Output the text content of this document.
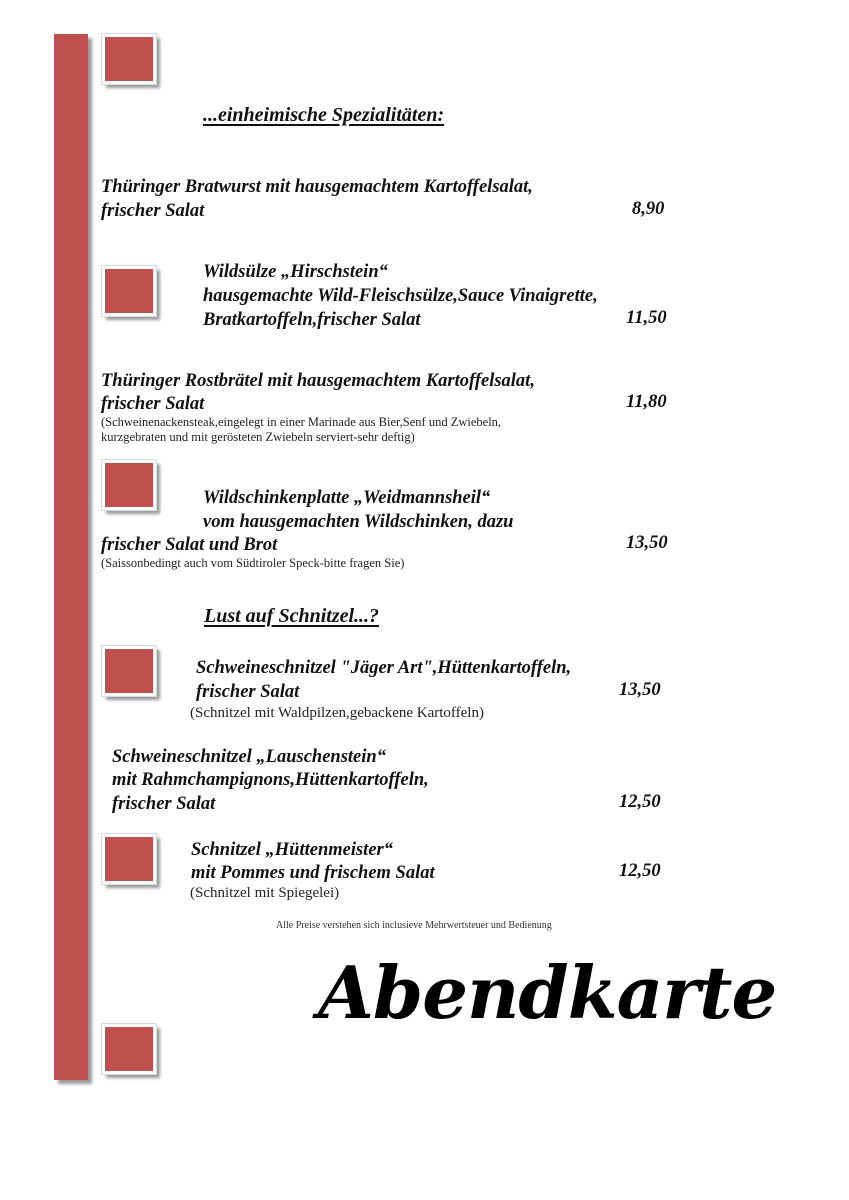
...einheimische Spezialitäten:
Thüringer Bratwurst mit hausgemachtem Kartoffelsalat,
frischer Salat	8,90
Wildsülze „Hirschstein“
hausgemachte Wild-Fleischsülze,Sauce Vinaigrette,
Bratkartoffeln,frischer Salat	11,50
Thüringer Rostbrätel mit hausgemachtem Kartoffelsalat,
frischer Salat	11,80
(Schweinenackensteak,eingelegt in einer Marinade aus Bier,Senf und Zwiebeln,
kurzgebraten und mit gerösteten Zwiebeln serviert-sehr deftig)
Wildschinkenplatte „Weidmannsheil“
vom hausgemachten Wildschinken, dazu
frischer Salat und Brot	13,50
(Saissonbedingt auch vom Südtiroler Speck-bitte fragen Sie)
Lust auf Schnitzel...?
Schweineschnitzel "Jäger Art",Hüttenkartoffeln,
frischer Salat	13,50
(Schnitzel mit Waldpilzen,gebackene Kartoffeln)
Schweineschnitzel „Lauschenstein“
mit Rahmchampignons,Hüttenkartoffeln,
frischer Salat	12,50
Schnitzel „Hüttenmeister“
mit Pommes und frischem Salat	12,50
(Schnitzel mit Spiegelei)
Alle Preise verstehen sich inclusieve Mehrwertsteuer und Bedienung
Abendkarte
